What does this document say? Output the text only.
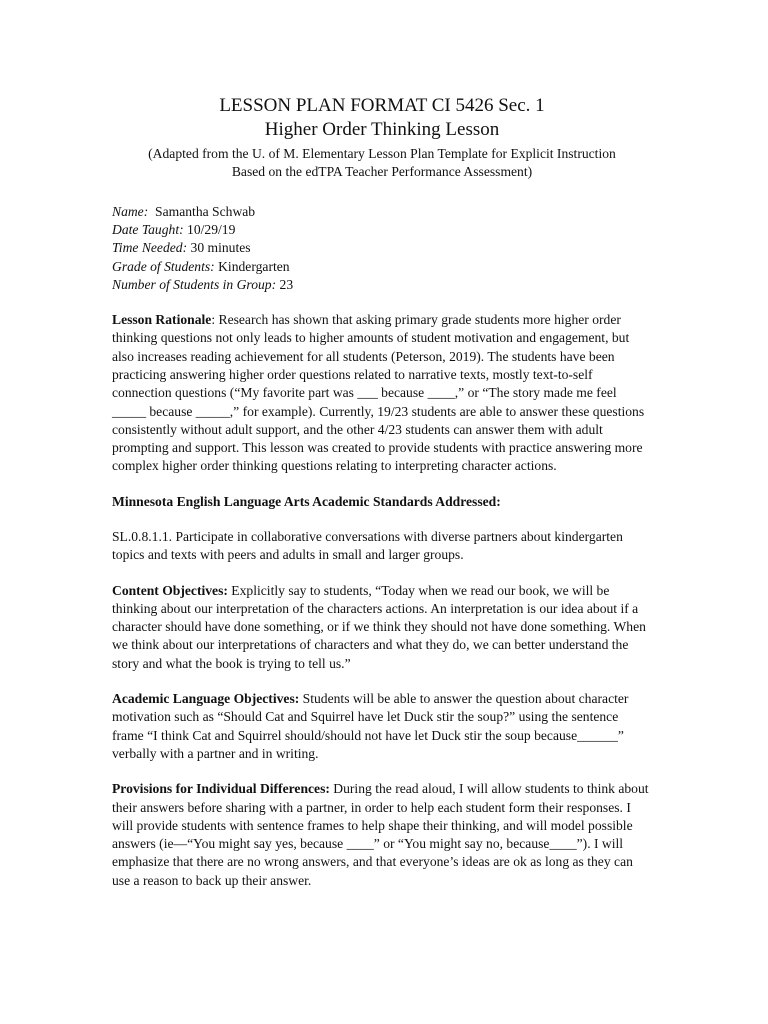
LESSON PLAN FORMAT CI 5426 Sec. 1

Higher Order Thinking Lesson

(Adapted from the U. of M. Elementary Lesson Plan Template for Explicit Instruction

Based on the edTPA Teacher Performance Assessment)

Name: Samantha Schwab
Date Taught: 10/29/19
Time Needed: 30 minutes
Grade of Students: Kindergarten
Number of Students in Group: 23

Lesson Rationale: Research has shown that asking primary grade students more higher order thinking questions not only leads to higher amounts of student motivation and engagement, but also increases reading achievement for all students (Peterson, 2019). The students have been practicing answering higher order questions related to narrative texts, mostly text-to-self connection questions (“My favorite part was ___ because ____,” or “The story made me feel _____ because _____,” for example). Currently, 19/23 students are able to answer these questions consistently without adult support, and the other 4/23 students can answer them with adult prompting and support. This lesson was created to provide students with practice answering more complex higher order thinking questions relating to interpreting character actions.

Minnesota English Language Arts Academic Standards Addressed:

SL.0.8.1.1. Participate in collaborative conversations with diverse partners about kindergarten topics and texts with peers and adults in small and larger groups.

Content Objectives: Explicitly say to students, “Today when we read our book, we will be thinking about our interpretation of the characters actions. An interpretation is our idea about if a character should have done something, or if we think they should not have done something. When we think about our interpretations of characters and what they do, we can better understand the story and what the book is trying to tell us.”

Academic Language Objectives: Students will be able to answer the question about character motivation such as “Should Cat and Squirrel have let Duck stir the soup?” using the sentence frame “I think Cat and Squirrel should/should not have let Duck stir the soup because______” verbally with a partner and in writing.

Provisions for Individual Differences: During the read aloud, I will allow students to think about their answers before sharing with a partner, in order to help each student form their responses. I will provide students with sentence frames to help shape their thinking, and will model possible answers (ie—“You might say yes, because ____” or “You might say no, because____”). I will emphasize that there are no wrong answers, and that everyone’s ideas are ok as long as they can use a reason to back up their answer.
